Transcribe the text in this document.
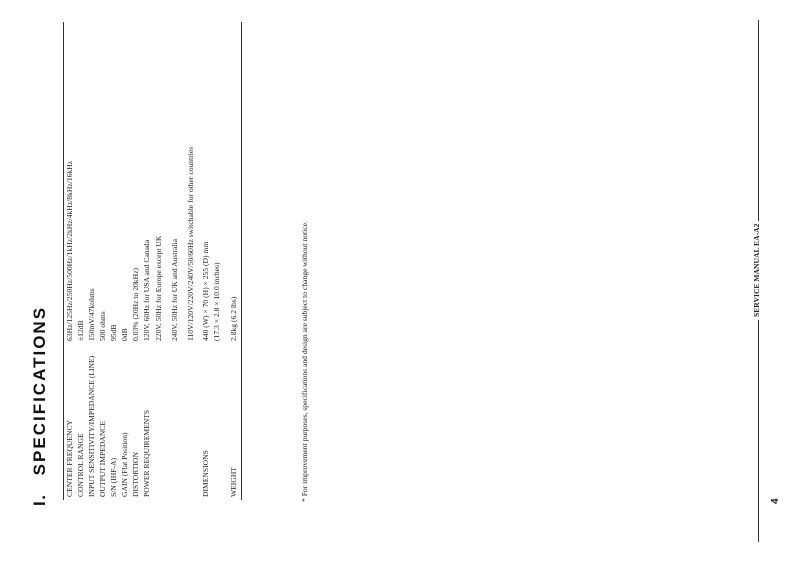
I. SPECIFICATIONS CENTER FREQUENCY	63Hz/125Hz/250Hz/500Hz/1kHz/2kHz/4kHz/8kHz/16kHz
CONTROL RANGE	±12dB
INPUT SENSITIVITY/IMPEDANCE (LINE)	150mV/47kohms
OUTPUT IMPEDANCE	500 ohms
S/N (IHF-A)	95dB
GAIN (Flat Position)	0dB
DISTORTION	0.03% (20Hz to 20kHz)
POWER REQUIREMENTS	120V, 60Hz for USA and Canada 220V, 50Hz for Europe except UK 240V, 50Hz for UK and Australia 110V/120V/220V/240V/50/60Hz switchable for other countries

DIMENSIONS	440 (W) × 70 (H) × 255 (D) mm (17.3 × 2.8 × 10.0 inches)

WEIGHT	2.8kg (6.2 lbs)	* For improvement purposes, specifications and design are subject to change without notice.	SERVICE MANUAL EA-A2
4
